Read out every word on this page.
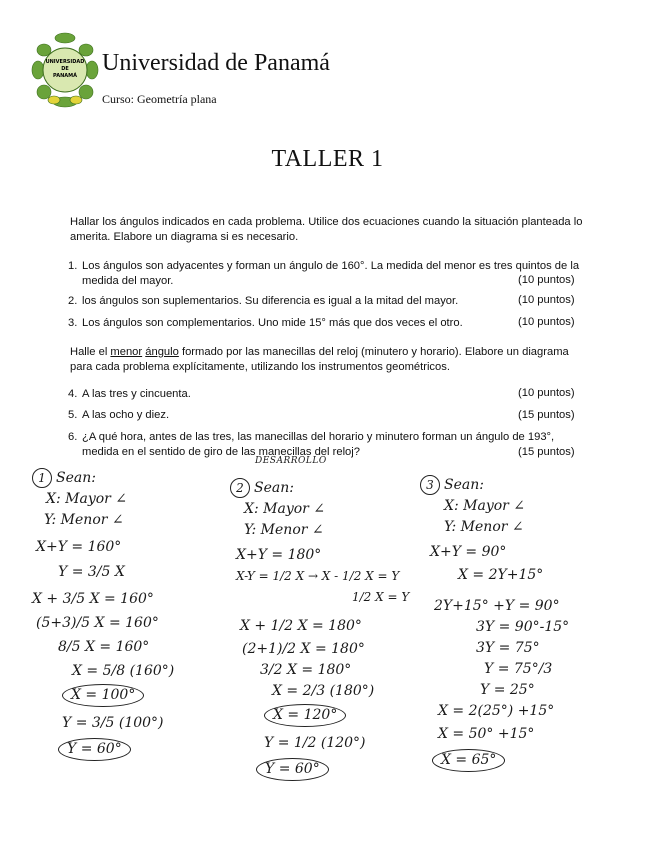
UNIVERSIDAD
DE
PANAMÁ Universidad de Panamá
Curso: Geometría plana
TALLER 1
Hallar los ángulos indicados en cada problema. Utilice dos ecuaciones cuando la situación planteada lo
amerita. Elabore un diagrama si es necesario.
1. Los ángulos son adyacentes y forman un ángulo de 160°. La medida del menor es tres quintos de la
medida del mayor.	(10 puntos)
2. los ángulos son suplementarios. Su diferencia es igual a la mitad del mayor.	(10 puntos)
3. Los ángulos son complementarios. Uno mide 15° más que dos veces el otro.	(10 puntos)
Halle el menor ángulo formado por las manecillas del reloj (minutero y horario). Elabore un diagrama
para cada problema explícitamente, utilizando los instrumentos geométricos.
4. A las tres y cincuenta.	(10 puntos)
5. A las ocho y diez.	(15 puntos)
6. ¿A qué hora, antes de las tres, las manecillas del horario y minutero forman un ángulo de 193°,
medida en el sentido de giro de las manecillas del reloj?	(15 puntos)
DESARROLLO
1 Sean:
X: Mayor ∠
Y: Menor ∠
X+Y = 160°
Y = 3/5 X
X + 3/5 X = 160°
(5+3)/5 X = 160°
8/5 X = 160°
X = 5/8 (160°)
X = 100°
Y = 3/5 (100°)
Y = 60°
2 Sean:
X: Mayor ∠
Y: Menor ∠
X+Y = 180°
X-Y = 1/2 X → X - 1/2 X = Y
1/2 X = Y
X + 1/2 X = 180°
(2+1)/2 X = 180°
3/2 X = 180°
X = 2/3 (180°)
X = 120°
Y = 1/2 (120°)
Y = 60°
3 Sean:
X: Mayor ∠
Y: Menor ∠
X+Y = 90°
X = 2Y+15°
2Y+15° +Y = 90°
3Y = 90°-15°
3Y = 75°
Y = 75°/3
Y = 25°
X = 2(25°) +15°
X = 50° +15°
X = 65°
